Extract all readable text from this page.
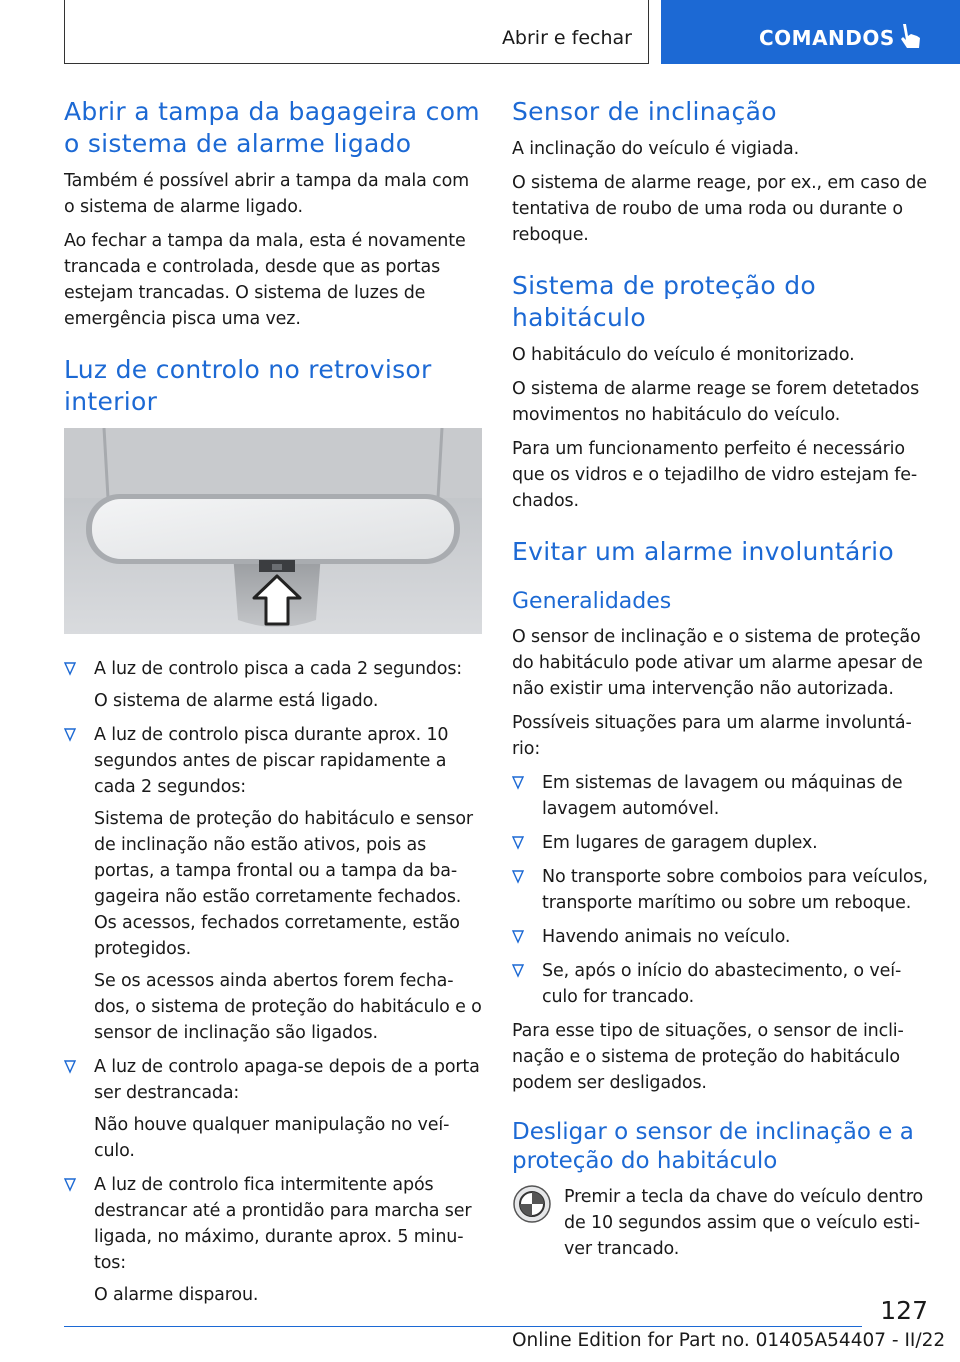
Abrir e fechar	COMANDOS
Abrir a tampa da bagageira com o sistema de alarme ligado

Também é possível abrir a tampa da mala com o sistema de alarme ligado.

Ao fechar a tampa da mala, esta é novamente trancada e controlada, desde que as portas estejam trancadas. O sistema de luzes de emergência pisca uma vez.

Luz de controlo no retrovisor interior

A luz de controlo pisca a cada 2 segundos:

O sistema de alarme está ligado.

A luz de controlo pisca durante aprox. 10 segundos antes de piscar rapidamente a cada 2 segundos:

Sistema de proteção do habitáculo e sensor de inclinação não estão ativos, pois as portas, a tampa frontal ou a tampa da bagageira não estão corretamente fechados. Os acessos, fechados corretamente, estão protegidos.

Se os acessos ainda abertos forem fechados, o sistema de proteção do habitáculo e o sensor de inclinação são ligados.

A luz de controlo apaga-se depois de a porta ser destrancada:

Não houve qualquer manipulação no veículo.

A luz de controlo fica intermitente após destrancar até a prontidão para marcha ser ligada, no máximo, durante aprox. 5 minutos:

O alarme disparou.

Sensor de inclinação

A inclinação do veículo é vigiada.

O sistema de alarme reage, por ex., em caso de tentativa de roubo de uma roda ou durante o reboque.

Sistema de proteção do habitáculo

O habitáculo do veículo é monitorizado.

O sistema de alarme reage se forem detetados movimentos no habitáculo do veículo.

Para um funcionamento perfeito é necessário que os vidros e o tejadilho de vidro estejam fechados.

Evitar um alarme involuntário
Generalidades

O sensor de inclinação e o sistema de proteção do habitáculo pode ativar um alarme apesar de não existir uma intervenção não autorizada.

Possíveis situações para um alarme involuntário:

Em sistemas de lavagem ou máquinas de lavagem automóvel.

Em lugares de garagem duplex.

No transporte sobre comboios para veículos, transporte marítimo ou sobre um reboque.

Havendo animais no veículo.

Se, após o início do abastecimento, o veículo for trancado.

Para esse tipo de situações, o sensor de inclinação e o sistema de proteção do habitáculo podem ser desligados.

Desligar o sensor de inclinação e a proteção do habitáculo

Premir a tecla da chave do veículo dentro de 10 segundos assim que o veículo estiver trancado.

127
Online Edition for Part no. 01405A54407 - II/22
